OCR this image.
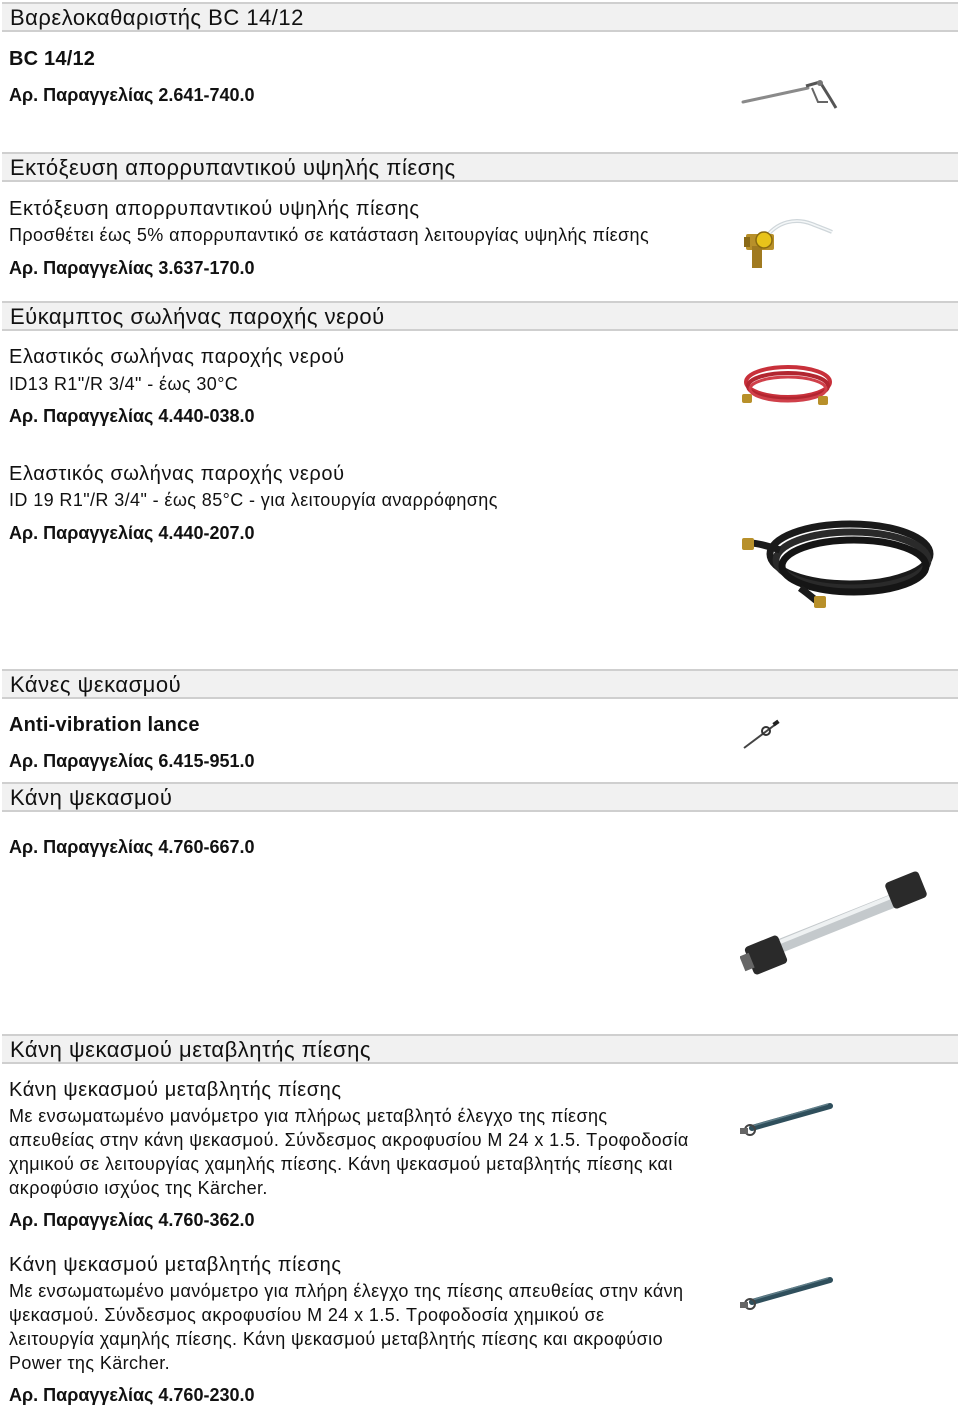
Βαρελοκαθαριστής BC 14/12
BC 14/12
Αρ. Παραγγελίας 2.641-740.0
Εκτόξευση απορρυπαντικού υψηλής πίεσης
Εκτόξευση απορρυπαντικού υψηλής πίεσης
Προσθέτει έως 5% απορρυπαντικό σε κατάσταση λειτουργίας υψηλής πίεσης
Αρ. Παραγγελίας 3.637-170.0
Εύκαμπτος σωλήνας παροχής νερού
Ελαστικός σωλήνας παροχής νερού
ID13 R1"/R 3/4" - έως 30°C
Αρ. Παραγγελίας 4.440-038.0
Ελαστικός σωλήνας παροχής νερού
ID 19 R1"/R 3/4" - έως 85°C - για λειτουργία αναρρόφησης
Αρ. Παραγγελίας 4.440-207.0
Κάνες ψεκασμού
Anti-vibration lance
Αρ. Παραγγελίας 6.415-951.0
Κάνη ψεκασμού
Αρ. Παραγγελίας 4.760-667.0
Κάνη ψεκασμού μεταβλητής πίεσης
Κάνη ψεκασμού μεταβλητής πίεσης
Με ενσωματωμένο μανόμετρο για πλήρως μεταβλητό έλεγχο της πίεσης
απευθείας στην κάνη ψεκασμού. Σύνδεσμος ακροφυσίου M 24 x 1.5. Τροφοδοσία
χημικού σε λειτουργίας χαμηλής πίεσης. Κάνη ψεκασμού μεταβλητής πίεσης και
ακροφύσιο ισχύος της Kärcher.
Αρ. Παραγγελίας 4.760-362.0
Κάνη ψεκασμού μεταβλητής πίεσης
Με ενσωματωμένο μανόμετρο για πλήρη έλεγχο της πίεσης απευθείας στην κάνη
ψεκασμού. Σύνδεσμος ακροφυσίου M 24 x 1.5. Τροφοδοσία χημικού σε
λειτουργία χαμηλής πίεσης. Κάνη ψεκασμού μεταβλητής πίεσης και ακροφύσιο
Power της Kärcher.
Αρ. Παραγγελίας 4.760-230.0
